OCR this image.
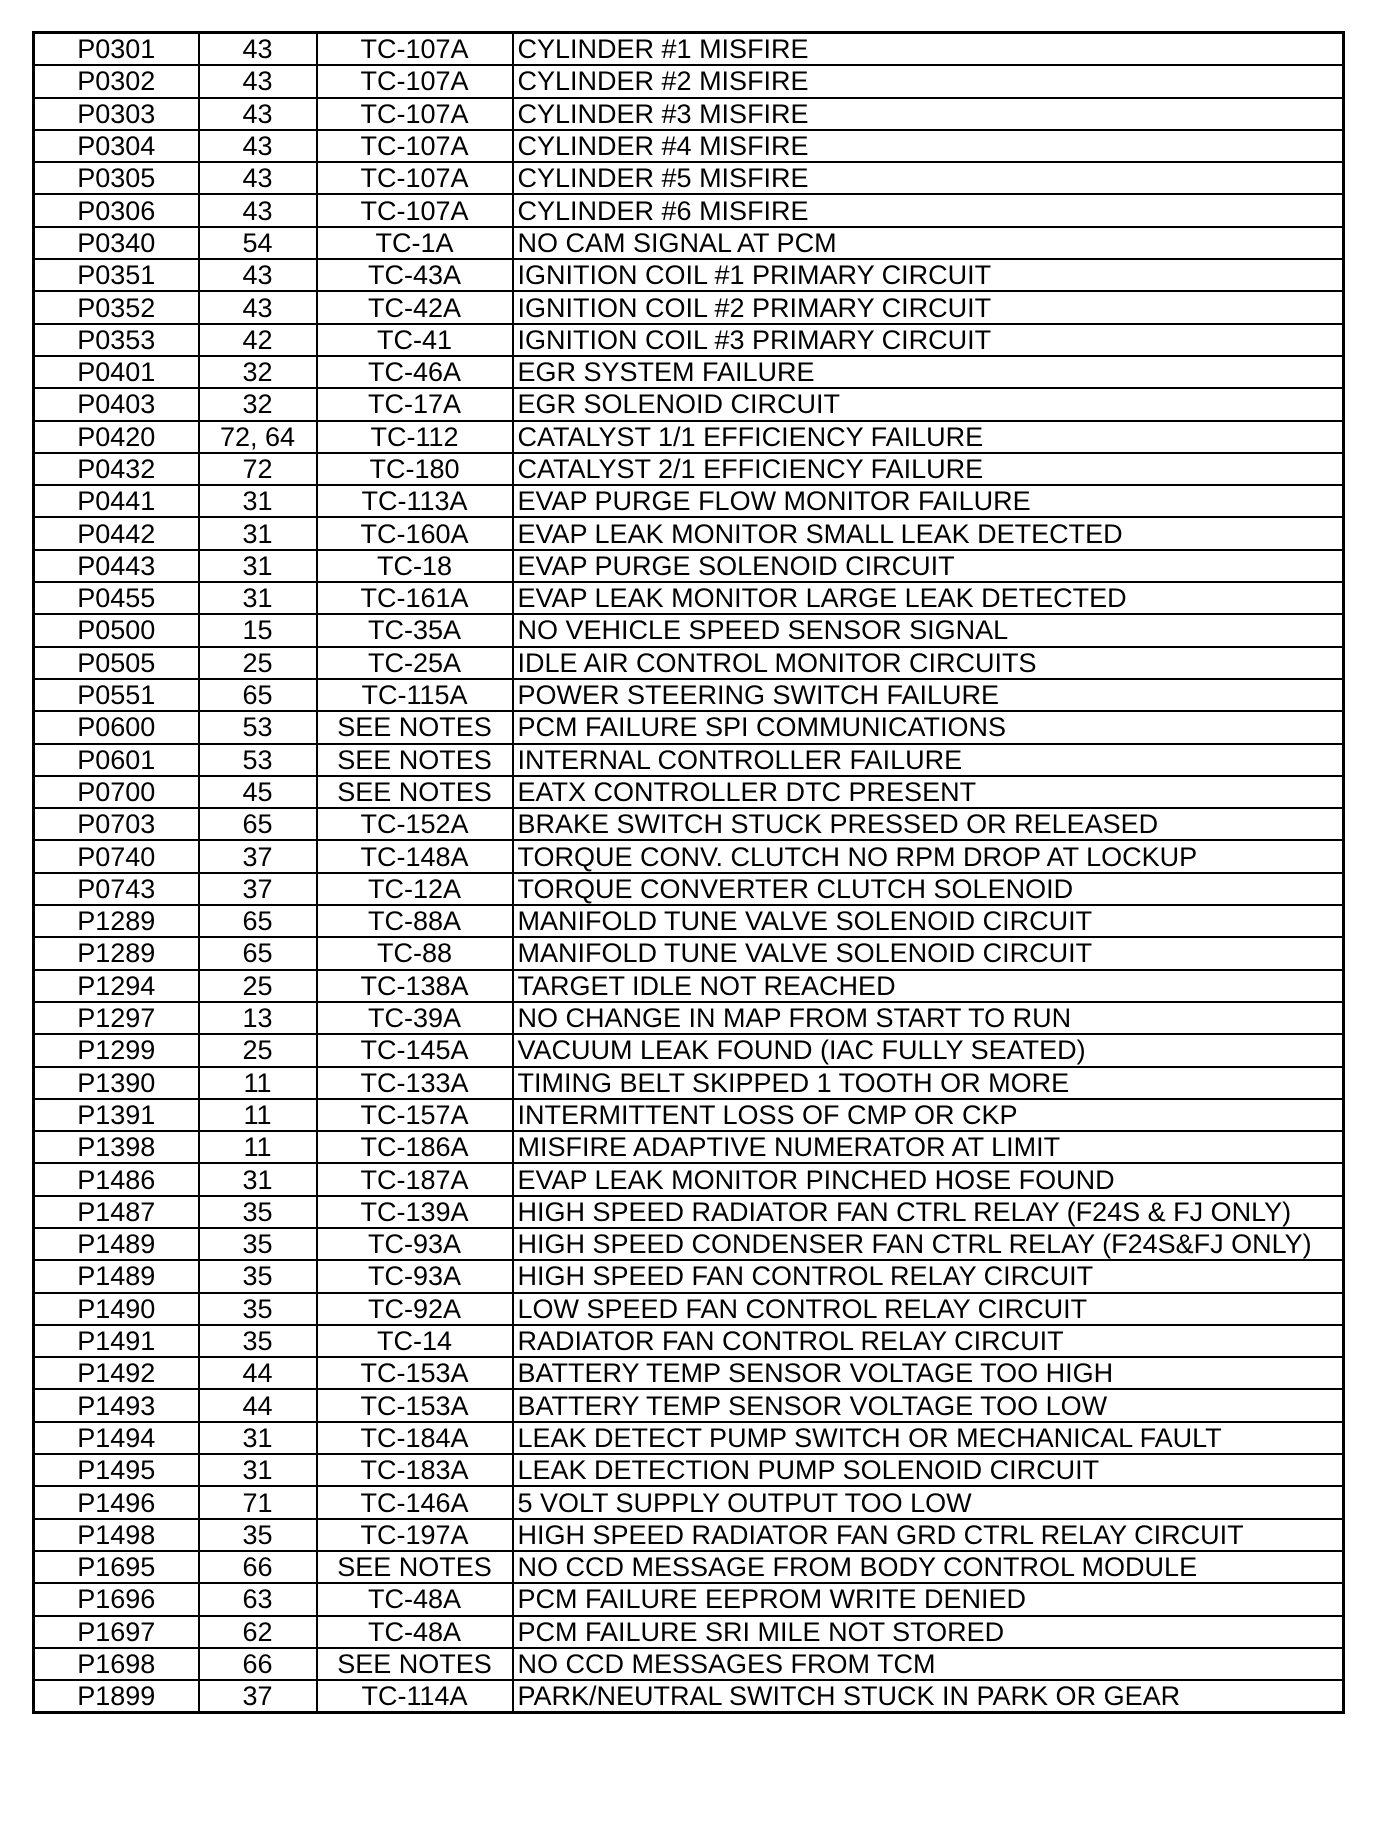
P0301	43	TC-107A	CYLINDER #1 MISFIRE
P0302	43	TC-107A	CYLINDER #2 MISFIRE
P0303	43	TC-107A	CYLINDER #3 MISFIRE
P0304	43	TC-107A	CYLINDER #4 MISFIRE
P0305	43	TC-107A	CYLINDER #5 MISFIRE
P0306	43	TC-107A	CYLINDER #6 MISFIRE
P0340	54	TC-1A	NO CAM SIGNAL AT PCM
P0351	43	TC-43A	IGNITION COIL #1 PRIMARY CIRCUIT
P0352	43	TC-42A	IGNITION COIL #2 PRIMARY CIRCUIT
P0353	42	TC-41	IGNITION COIL #3 PRIMARY CIRCUIT
P0401	32	TC-46A	EGR SYSTEM FAILURE
P0403	32	TC-17A	EGR SOLENOID CIRCUIT
P0420	72, 64	TC-112	CATALYST 1/1 EFFICIENCY FAILURE
P0432	72	TC-180	CATALYST 2/1 EFFICIENCY FAILURE
P0441	31	TC-113A	EVAP PURGE FLOW MONITOR FAILURE
P0442	31	TC-160A	EVAP LEAK MONITOR SMALL LEAK DETECTED
P0443	31	TC-18	EVAP PURGE SOLENOID CIRCUIT
P0455	31	TC-161A	EVAP LEAK MONITOR LARGE LEAK DETECTED
P0500	15	TC-35A	NO VEHICLE SPEED SENSOR SIGNAL
P0505	25	TC-25A	IDLE AIR CONTROL MONITOR CIRCUITS
P0551	65	TC-115A	POWER STEERING SWITCH FAILURE
P0600	53	SEE NOTES	PCM FAILURE SPI COMMUNICATIONS
P0601	53	SEE NOTES	INTERNAL CONTROLLER FAILURE
P0700	45	SEE NOTES	EATX CONTROLLER DTC PRESENT
P0703	65	TC-152A	BRAKE SWITCH STUCK PRESSED OR RELEASED
P0740	37	TC-148A	TORQUE CONV. CLUTCH NO RPM DROP AT LOCKUP
P0743	37	TC-12A	TORQUE CONVERTER CLUTCH SOLENOID
P1289	65	TC-88A	MANIFOLD TUNE VALVE SOLENOID CIRCUIT
P1289	65	TC-88	MANIFOLD TUNE VALVE SOLENOID CIRCUIT
P1294	25	TC-138A	TARGET IDLE NOT REACHED
P1297	13	TC-39A	NO CHANGE IN MAP FROM START TO RUN
P1299	25	TC-145A	VACUUM LEAK FOUND (IAC FULLY SEATED)
P1390	11	TC-133A	TIMING BELT SKIPPED 1 TOOTH OR MORE
P1391	11	TC-157A	INTERMITTENT LOSS OF CMP OR CKP
P1398	11	TC-186A	MISFIRE ADAPTIVE NUMERATOR AT LIMIT
P1486	31	TC-187A	EVAP LEAK MONITOR PINCHED HOSE FOUND
P1487	35	TC-139A	HIGH SPEED RADIATOR FAN CTRL RELAY (F24S & FJ ONLY)
P1489	35	TC-93A	HIGH SPEED CONDENSER FAN CTRL RELAY (F24S&FJ ONLY)
P1489	35	TC-93A	HIGH SPEED FAN CONTROL RELAY CIRCUIT
P1490	35	TC-92A	LOW SPEED FAN CONTROL RELAY CIRCUIT
P1491	35	TC-14	RADIATOR FAN CONTROL RELAY CIRCUIT
P1492	44	TC-153A	BATTERY TEMP SENSOR VOLTAGE TOO HIGH
P1493	44	TC-153A	BATTERY TEMP SENSOR VOLTAGE TOO LOW
P1494	31	TC-184A	LEAK DETECT PUMP SWITCH OR MECHANICAL FAULT
P1495	31	TC-183A	LEAK DETECTION PUMP SOLENOID CIRCUIT
P1496	71	TC-146A	5 VOLT SUPPLY OUTPUT TOO LOW
P1498	35	TC-197A	HIGH SPEED RADIATOR FAN GRD CTRL RELAY CIRCUIT
P1695	66	SEE NOTES	NO CCD MESSAGE FROM BODY CONTROL MODULE
P1696	63	TC-48A	PCM FAILURE EEPROM WRITE DENIED
P1697	62	TC-48A	PCM FAILURE SRI MILE NOT STORED
P1698	66	SEE NOTES	NO CCD MESSAGES FROM TCM
P1899	37	TC-114A	PARK/NEUTRAL SWITCH STUCK IN PARK OR GEAR
